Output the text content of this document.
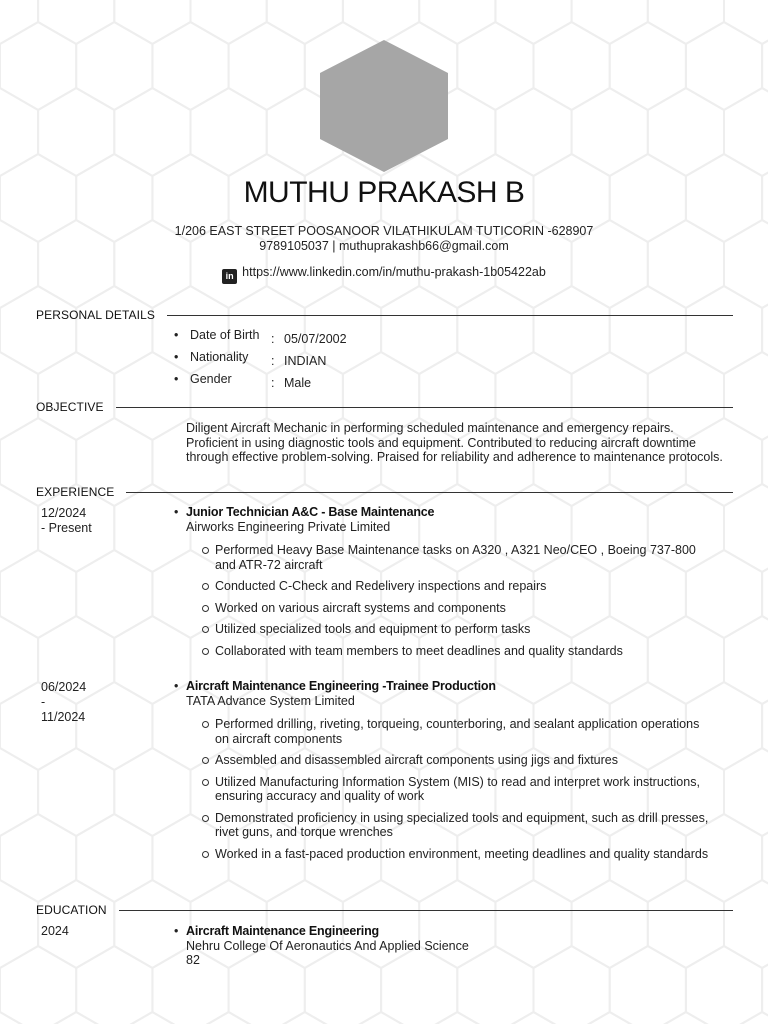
MUTHU PRAKASH B
1/206 EAST STREET POOSANOOR VILATHIKULAM TUTICORIN -628907
9789105037 | muthuprakashb66@gmail.com
in https://www.linkedin.com/in/muthu-prakash-1b05422ab
PERSONAL DETAILS
• Date of Birth : 05/07/2002
• Nationality : INDIAN
• Gender	: Male
OBJECTIVE
Diligent Aircraft Mechanic in performing scheduled maintenance and emergency repairs. Proficient in using diagnostic tools and equipment. Contributed to reducing aircraft downtime through effective problem-solving. Praised for reliability and adherence to maintenance protocols.
EXPERIENCE
12/2024
- Present
• Junior Technician A&C - Base Maintenance
Airworks Engineering Private Limited
Performed Heavy Base Maintenance tasks on A320 , A321 Neo/CEO , Boeing 737-800 and ATR-72 aircraft
Conducted C-Check and Redelivery inspections and repairs
Worked on various aircraft systems and components
Utilized specialized tools and equipment to perform tasks
Collaborated with team members to meet deadlines and quality standards
06/2024
-
11/2024
• Aircraft Maintenance Engineering -Trainee Production
TATA Advance System Limited
Performed drilling, riveting, torqueing, counterboring, and sealant application operations on aircraft components
Assembled and disassembled aircraft components using jigs and fixtures
Utilized Manufacturing Information System (MIS) to read and interpret work instructions, ensuring accuracy and quality of work
Demonstrated proficiency in using specialized tools and equipment, such as drill presses, rivet guns, and torque wrenches
Worked in a fast-paced production environment, meeting deadlines and quality standards
EDUCATION
2024	• Aircraft Maintenance Engineering
Nehru College Of Aeronautics And Applied Science
82
